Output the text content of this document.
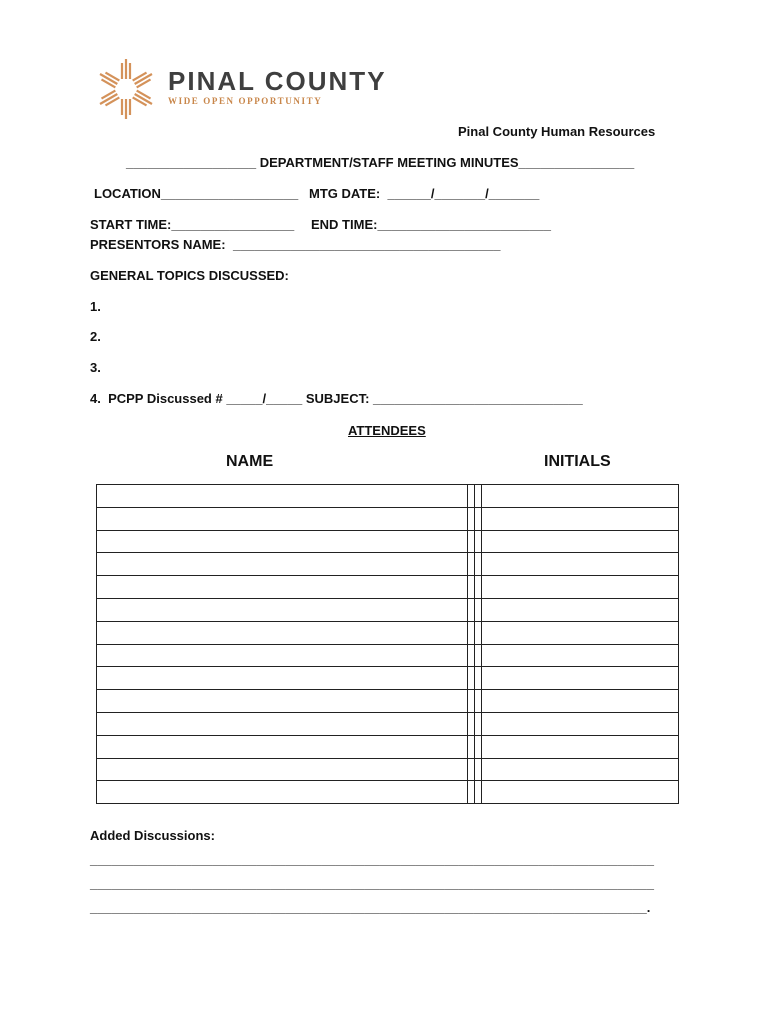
PINAL COUNTY
WIDE OPEN OPPORTUNITY
Pinal County Human Resources
__________________ DEPARTMENT/STAFF MEETING MINUTES________________
LOCATION___________________ MTG DATE:  ______/_______/_______
START TIME:_________________ END TIME:________________________
PRESENTORS NAME: _____________________________________
GENERAL TOPICS DISCUSSED:
1.
2.
3.
4.  PCPP Discussed # _____/_____ SUBJECT: _____________________________
ATTENDEES
NAME	INITIALS

Added Discussions:
______________________________________________________________________________
______________________________________________________________________________
_____________________________________________________________________________.
